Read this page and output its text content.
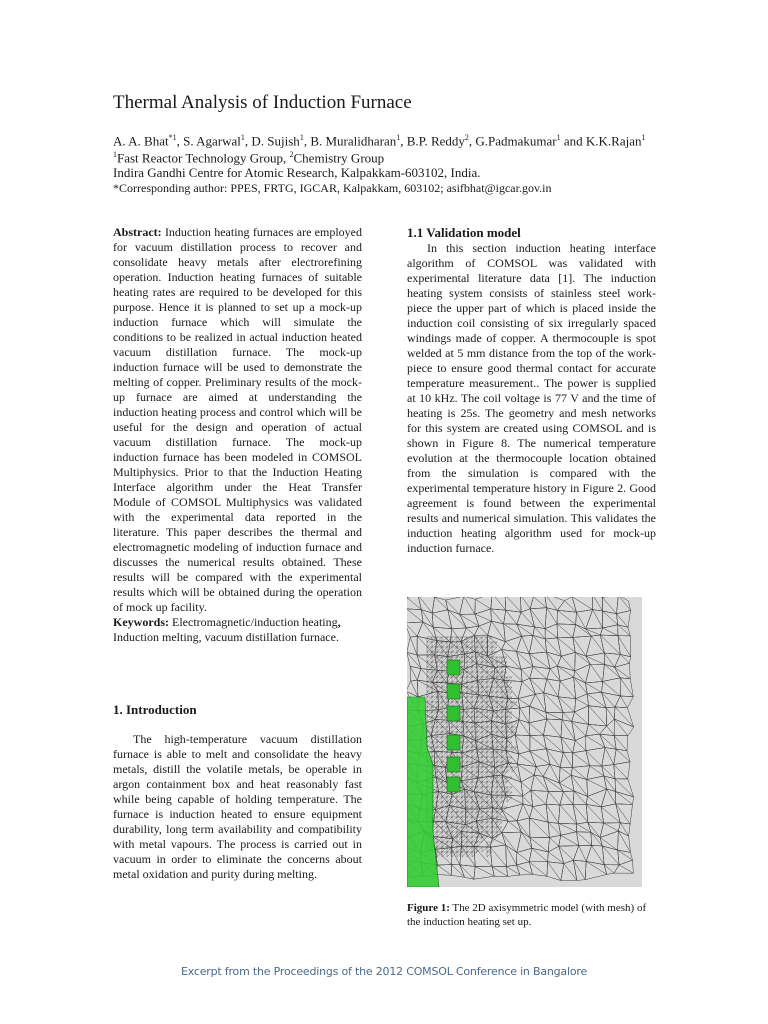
Thermal Analysis of Induction Furnace
A. A. Bhat$^{*1}$, S. Agarwal$^1$, D. Sujish$^1$, B. Muralidharan$^1$, B.P. Reddy$^2$, G.Padmakumar$^1$ and K.K.Rajan$^1$
$^1$Fast Reactor Technology Group, $^2$Chemistry Group
Indira Gandhi Centre for Atomic Research, Kalpakkam-603102, India.
*Corresponding author: PPES, FRTG, IGCAR, Kalpakkam, 603102; asifbhat@igcar.gov.in

Abstract: Induction heating furnaces are employed for vacuum distillation process to recover and consolidate heavy metals after electrorefining operation. Induction heating furnaces of suitable heating rates are required to be developed for this purpose. Hence it is planned to set up a mock-up induction furnace which will simulate the conditions to be realized in actual induction heated vacuum distillation furnace. The mock-up induction furnace will be used to demonstrate the melting of copper. Preliminary results of the mock-up furnace are aimed at understanding the induction heating process and control which will be useful for the design and operation of actual vacuum distillation furnace. The mock-up induction furnace has been modeled in COMSOL Multiphysics. Prior to that the Induction Heating Interface algorithm under the Heat Transfer Module of COMSOL Multiphysics was validated with the experimental data reported in the literature. This paper describes the thermal and electromagnetic modeling of induction furnace and discusses the numerical results obtained. These results will be compared with the experimental results which will be obtained during the operation of mock up facility.

Keywords: Electromagnetic/induction heating, Induction melting, vacuum distillation furnace.

1. Introduction

The high-temperature vacuum distillation furnace is able to melt and consolidate the heavy metals, distill the volatile metals, be operable in argon containment box and heat reasonably fast while being capable of holding temperature. The furnace is induction heated to ensure equipment durability, long term availability and compatibility with metal vapours. The process is carried out in vacuum in order to eliminate the concerns about metal oxidation and purity during melting.

1.1 Validation model

In this section induction heating interface algorithm of COMSOL was validated with experimental literature data [1]. The induction heating system consists of stainless steel work-piece the upper part of which is placed inside the induction coil consisting of six irregularly spaced windings made of copper. A thermocouple is spot welded at 5 mm distance from the top of the work-piece to ensure good thermal contact for accurate temperature measurement.. The power is supplied at 10 kHz. The coil voltage is 77 V and the time of heating is 25s. The geometry and mesh networks for this system are created using COMSOL and is shown in Figure 8. The numerical temperature evolution at the thermocouple location obtained from the simulation is compared with the experimental temperature history in Figure 2. Good agreement is found between the experimental results and numerical simulation. This validates the induction heating algorithm used for mock-up induction furnace.

Figure 1: The 2D axisymmetric model (with mesh) of the induction heating set up.
Excerpt from the Proceedings of the 2012 COMSOL Conference in Bangalore
